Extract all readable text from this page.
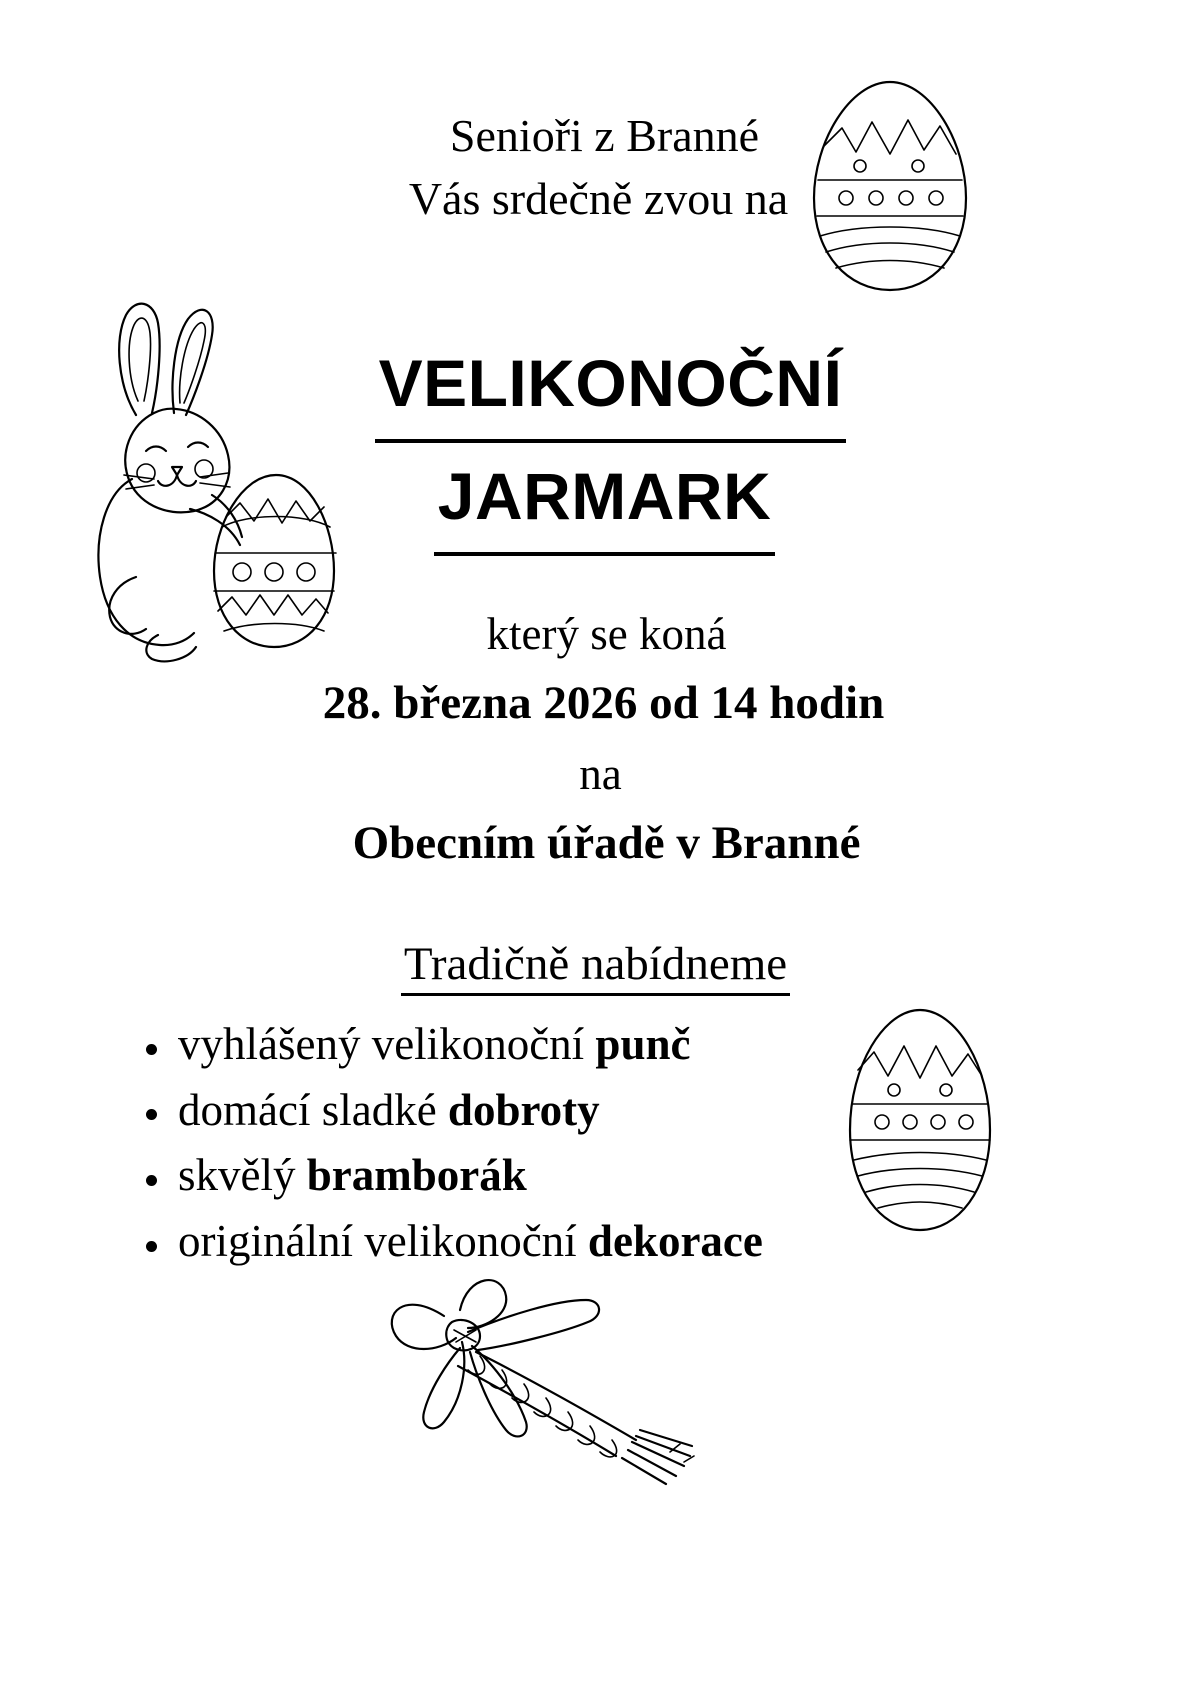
Senioři z Branné
Vás srdečně zvou na
VELIKONOČNÍ
JARMARK
který se koná
28. března 2026 od 14 hodin
na
Obecním úřadě v Branné
Tradičně nabídneme
vyhlášený velikonoční punč
domácí sladké dobroty
skvělý bramborák
originální velikonoční dekorace
